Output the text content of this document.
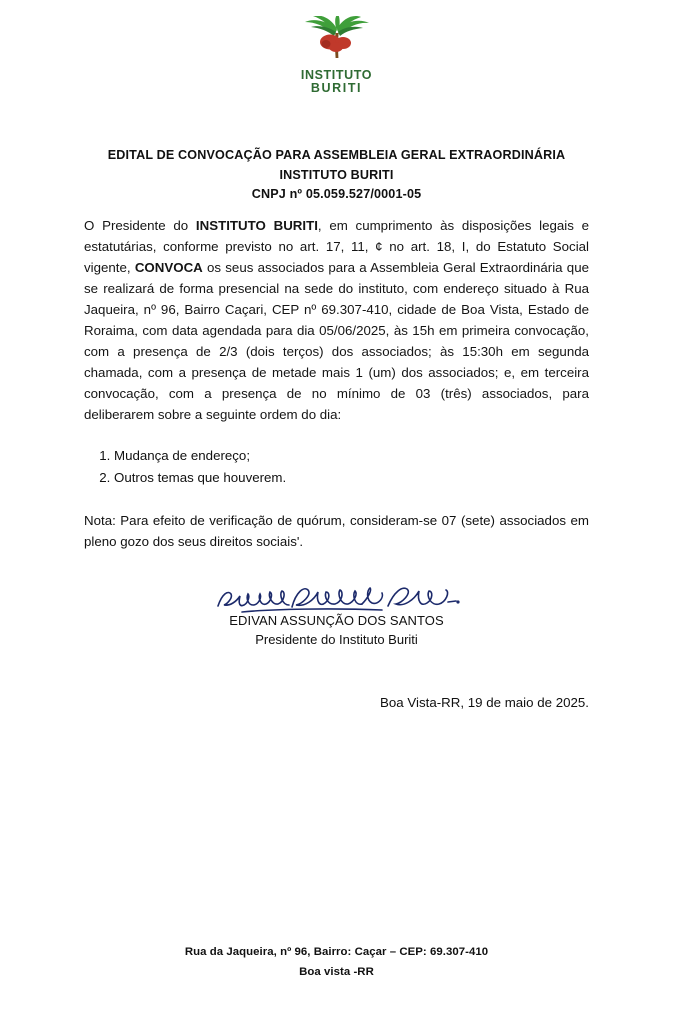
INSTITUTO
BURITI
EDITAL DE CONVOCAÇÃO PARA ASSEMBLEIA GERAL EXTRAORDINÁRIA
INSTITUTO BURITI
CNPJ nº 05.059.527/0001-05

O Presidente do INSTITUTO BURITI, em cumprimento às disposições legais e estatutárias, conforme previsto no art. 17, 11, ¢ no art. 18, I, do Estatuto Social vigente, CONVOCA os seus associados para a Assembleia Geral Extraordinária que se realizará de forma presencial na sede do instituto, com endereço situado à Rua Jaqueira, nº 96, Bairro Caçari, CEP nº 69.307-410, cidade de Boa Vista, Estado de Roraima, com data agendada para dia 05/06/2025, às 15h em primeira convocação, com a presença de 2/3 (dois terços) dos associados; às 15:30h em segunda chamada, com a presença de metade mais 1 (um) dos associados; e, em terceira convocação, com a presença de no mínimo de 03 (três) associados, para deliberarem sobre a seguinte ordem do dia:

1. Mudança de endereço;
2. Outros temas que houverem.

Nota: Para efeito de verificação de quórum, consideram-se 07 (sete) associados em pleno gozo dos seus direitos sociais'.

EDIVAN ASSUNÇÃO DOS SANTOS
Presidente do Instituto Buriti
Boa Vista-RR, 19 de maio de 2025.
Rua da Jaqueira, nº 96, Bairro: Caçar – CEP: 69.307-410
Boa vista -RR
